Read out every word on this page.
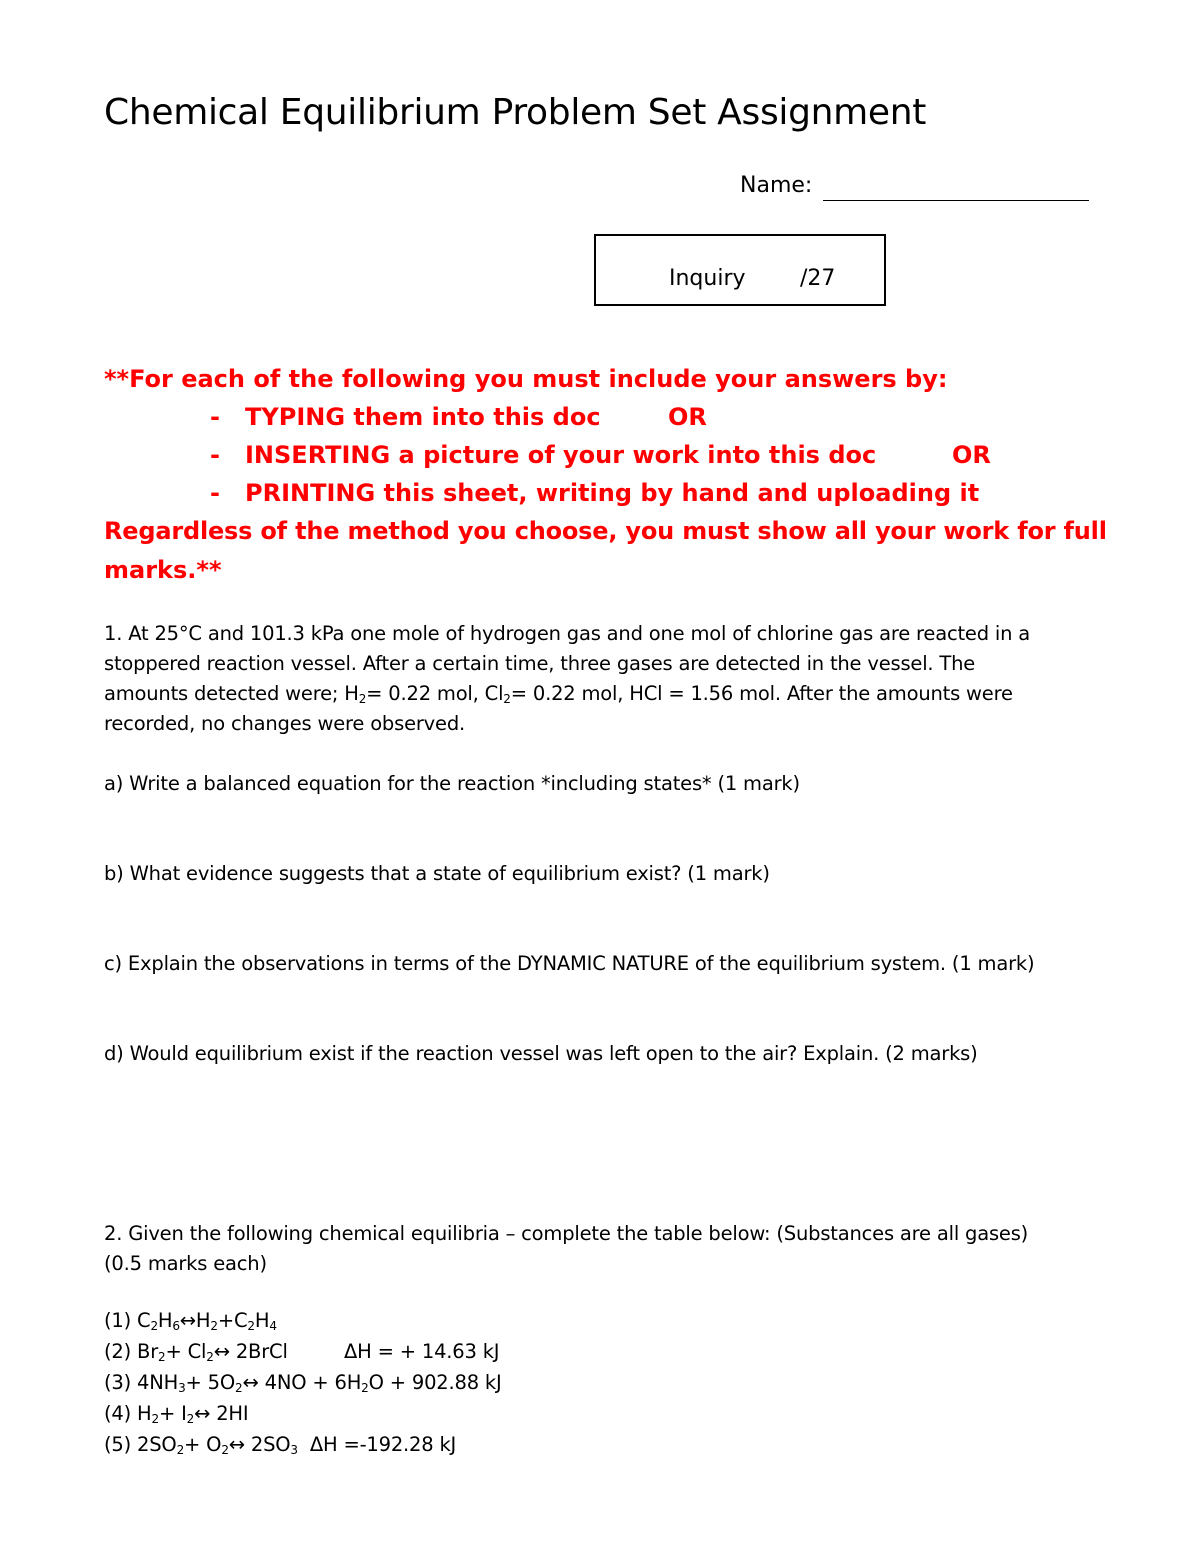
Chemical Equilibrium Problem Set Assignment
Name:
Inquiry /27
**For each of the following you must include your answers by:
- TYPING them into this doc	OR
- INSERTING a picture of your work into this doc	OR
- PRINTING this sheet, writing by hand and uploading it
Regardless of the method you choose, you must show all your work for full
marks.**
1. At 25°C and 101.3 kPa one mole of hydrogen gas and one mol of chlorine gas are reacted in a
stoppered reaction vessel. After a certain time, three gases are detected in the vessel. The
amounts detected were; $H_2= 0.22$ mol, $Cl_2= 0.22$ mol, HCl = 1.56 mol. After the amounts were
recorded, no changes were observed.
a) Write a balanced equation for the reaction *including states* (1 mark)
b) What evidence suggests that a state of equilibrium exist? (1 mark)
c) Explain the observations in terms of the DYNAMIC NATURE of the equilibrium system. (1 mark)
d) Would equilibrium exist if the reaction vessel was left open to the air? Explain. (2 marks)
2. Given the following chemical equilibria – complete the table below: (Substances are all gases)
(0.5 marks each)
(1) $C_2H_6\leftrightarrow H_2+C_2H_4$
(2) $Br_2+$ $Cl_2\leftrightarrow$ 2BrCl	ΔH = + 14.63 kJ
(3) $4NH_3+$ $5O_2\leftrightarrow$ $4NO + 6H_2O + 902.88$ kJ
(4) $H_2+$ $I_2\leftrightarrow$ 2HI
(5) $2SO_2+$ $O_2\leftrightarrow$ $2SO_3$ ΔH =-192.28 kJ
